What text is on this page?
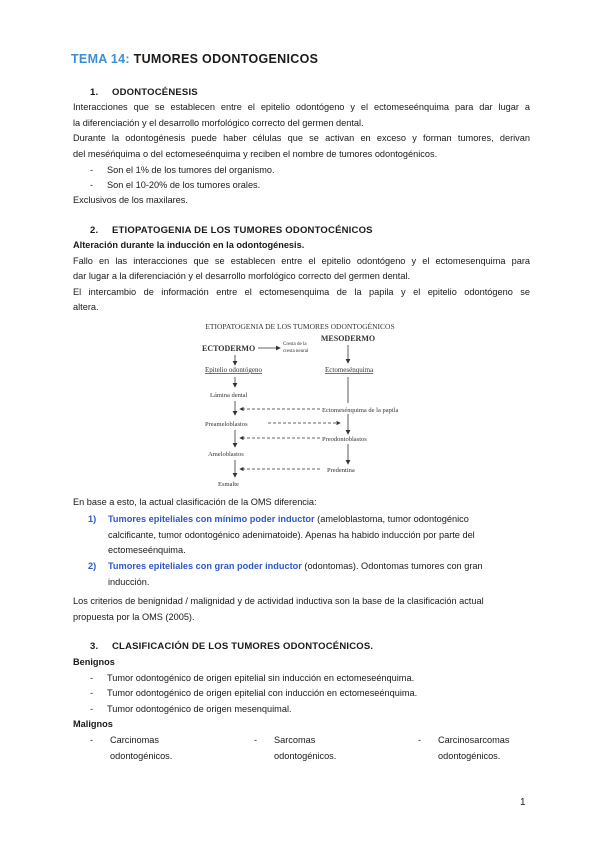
TEMA 14: TUMORES ODONTOGENICOS
1. ODONTOCÉNESIS
Interacciones que se establecen entre el epitelio odontógeno y el ectomeseénquima para dar lugar a
la diferenciación y el desarrollo morfológico correcto del germen dental.
Durante la odontogénesis puede haber células que se activan en exceso y forman tumores, derivan
del meséńquima o del ectomeseénquima y reciben el nombre de tumores odontogénicos.
- Son el 1% de los tumores del organismo.
- Son el 10-20% de los tumores orales.
Exclusivos de los maxilares.
2. ETIOPATOGENIA DE LOS TUMORES ODONTOCÉNICOS
Alteración durante la inducción en la odontogénesis.
Fallo en las interacciones que se establecen entre el epitelio odontógeno y el ectomesenquima para
dar lugar a la diferenciación y el desarrollo morfológico correcto del germen dental.
El intercambio de información entre el ectomesenquima de la papila y el epitelio odontógeno se
altera.
ETIOPATOGENIA DE LOS TUMORES ODONTOGÉNICOS
MESODERMO
ECTODERMO	Cresta de la
cresta neural
Epitelio odontógeno	Ectomesénquima
Lámina dental
Ectomesénquima de la papila
Preameloblastos
Preodontoblastos
Ameloblastos
Predentina
Esmalte
En base a esto, la actual clasificación de la OMS diferencia:
1) Tumores epiteliales con mínimo poder inductor (ameloblastoma, tumor odontogénico
calcificante, tumor odontogénico adenimatoide). Apenas ha habido inducción por parte del
ectomeseénquima.
2) Tumores epiteliales con gran poder inductor (odontomas). Odontomas tumores con gran
inducción.
Los criterios de benignidad / malignidad y de actividad inductiva son la base de la clasificación actual
propuesta por la OMS (2005).
3. CLASIFICACIÓN DE LOS TUMORES ODONTOCÉNICOS.
Benignos
- Tumor odontogénico de origen epitelial sin inducción en ectomeseénquima.
- Tumor odontogénico de origen epitelial con inducción en ectomeseénquima.
- Tumor odontogénico de origen mesenquimal.
Malignos
- Carcinomas
odontogénicos.
- Sarcomas
odontogénicos.
- Carcinosarcomas
odontogénicos.
1
